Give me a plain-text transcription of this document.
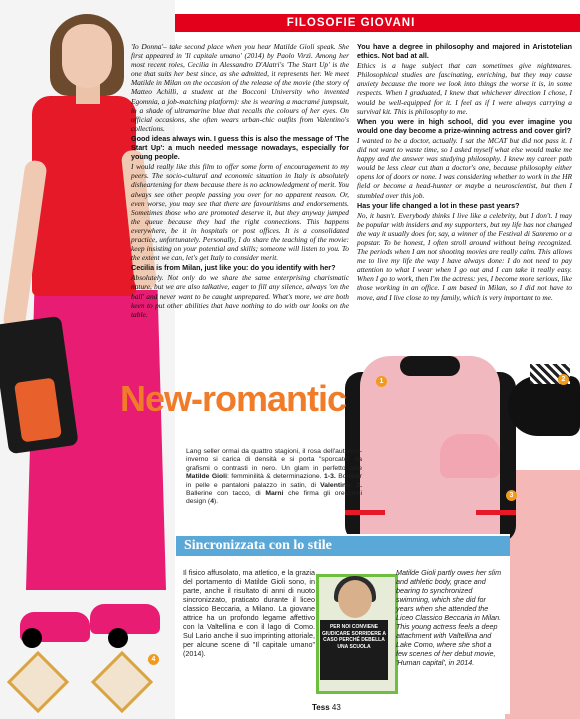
FILOSOFIE GIOVANI
4

'Io Donna'– take second place when you hear Matilde Gioli speak. She first appeared in 'Il capitale umano' (2014) by Paolo Virzì. Among her most recent roles, Cecilia in Alessandro D'Alatri's 'The Start Up' is the one that suits her best since, as she admitted, it represents her. We meet Matilde in Milan on the occasion of the release of the movie (the story of Matteo Achilli, a student at the Bocconi University who invented Egomnia, a job-matching platform): she is wearing a macramé jumpsuit, in a shade of ultramarine blue that recalls the colours of her eyes. On official occasions, she often wears urban-chic outfits from Valentino's collections.

Good ideas always win. I guess this is also the message of 'The Start Up': a much needed message nowadays, especially for young people.

I would really like this film to offer some form of encouragement to my peers. The socio-cultural and economic situation in Italy is absolutely disheartening for them because there is no acknowledgment of merit. You always see other people passing you over for no apparent reason. Or, even worse, you may see that there are favouritisms and endorsements. Sometimes those who are promoted deserve it, but they anyway jumped the queue because they had the right connections. This happens everywhere, be it in hospitals or post offices. It is a consolidated practice, unfortunately. Personally, I do share the teaching of the movie: keep insisting on your potential and skills; someone will listen to you. To the extent we can, let's get Italy to consider merit.

Cecilia is from Milan, just like you: do you identify with her?

Absolutely. Not only do we share the same enterprising charismatic nature, but we are also talkative, eager to fill any silence, always 'on the ball' and never want to be caught unprepared. What's more, we are both keen to put other abilities that have nothing to do with our looks on the table.

You have a degree in philosophy and majored in Aristotelian ethics. Not bad at all.

Ethics is a huge subject that can sometimes give nightmares. Philosophical studies are fascinating, enriching, but they may cause anxiety because the more we look into things the worse it is, in some respects. When I graduated, I knew that whichever direction I chose, I would be well-equipped for it. I feel as if I were always carrying a survival kit. This is philosophy to me.

When you were in high school, did you ever imagine you would one day become a prize-winning actress and cover girl?

I wanted to be a doctor, actually. I sat the MCAT but did not pass it. I did not want to waste time, so I asked myself what else would make me happy and the answer was studying philosophy. I knew my career path would be less clear cut than a doctor's one, because philosophy either opens lot of doors or none. I was considering whether to work in the HR field or become a head-hunter or maybe a neuroscientist, but then I stumbled over this job.

Has your life changed a lot in these past years?

No, it hasn't. Everybody thinks I live like a celebrity, but I don't. I may be popular with insiders and my supporters, but my life has not changed the way it usually does for, say, a winner of the Festival di Sanremo or a popstar. To be honest, I often stroll around without being recognized. The periods when I am not shooting movies are really calm. This allows me to live my life the way I have always done: I do not need to pay attention to what I wear when I go out and I can take it really easy. When I go to work, then I'm the actress: yes, I become more serious, like those working in an office. I am based in Milan, so I did not have to move, and I live close to my family, which is very important to me.

1	2
3
New-romantic
Lang seller ormai da quattro stagioni, il rosa dell'autunno-inverno si carica di densità e si porta "sporcato" da grafismi o contrasti in nero. Un glam in perfetto stile Matilde Gioli: femminilità & determinazione. 1-3. Bomber in pelle e pantaloni palazzo in satin, di Valentino; 2. Ballerine con tacco, di Marni che firma gli orecchini design (4).
Sincronizzata con lo stile
Il fisico affusolato, ma atletico, e la grazia del portamento di Matilde Gioli sono, in parte, anche il risultato di anni di nuoto sincronizzato, praticato durante il liceo classico Beccaria, a Milano. La giovane attrice ha un profondo legame affettivo con la Valtellina e con il lago di Como. Sul Lario anche il suo imprinting attoriale, per alcune scene di "Il capitale umano" (2014).
PER NOI CONVIENE GIUDICARE SORRIDERE A CASO PERCHÉ DEBELLA UNA SCUOLA
Matilde Gioli partly owes her slim and athletic body, grace and bearing to synchronized swimming, which she did for years when she attended the Liceo Classico Beccaria in Milan. This young actress feels a deep attachment with Valtellina and Lake Como, where she shot a few scenes of her debut movie, 'Human capital', in 2014.
Tess 43
